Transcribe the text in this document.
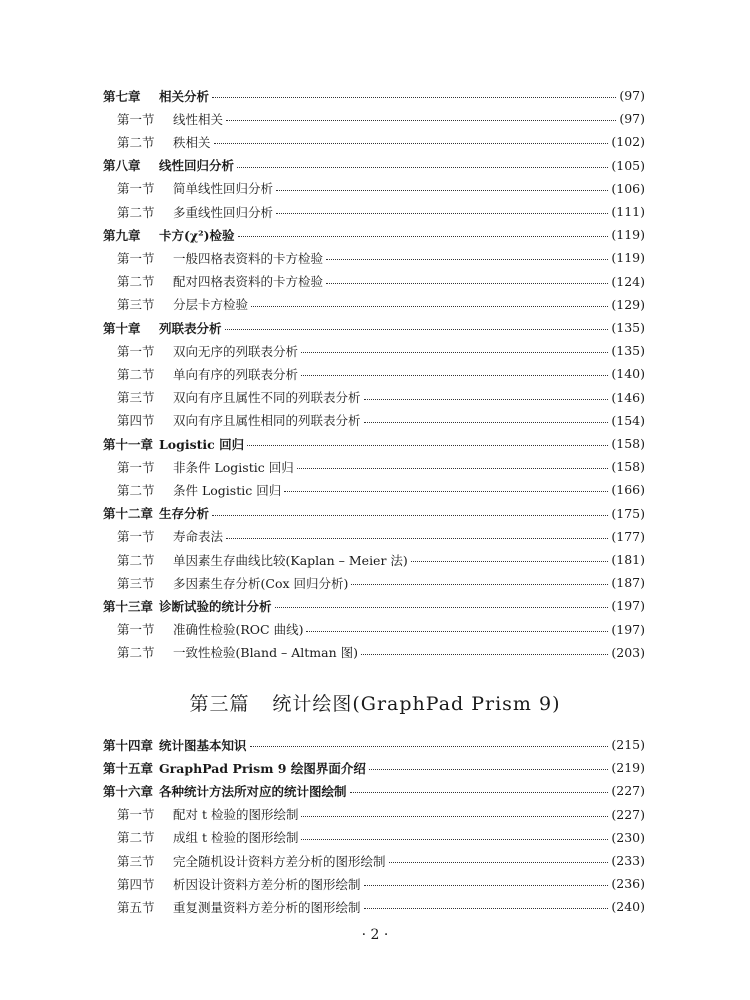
第七章 相关分析	(97)
第一节 线性相关	(97)
第二节 秩相关	(102)
第八章 线性回归分析	(105)
第一节 简单线性回归分析	(106)
第二节 多重线性回归分析	(111)
第九章 卡方(χ²)检验	(119)
第一节 一般四格表资料的卡方检验	(119)
第二节 配对四格表资料的卡方检验	(124)
第三节 分层卡方检验	(129)
第十章 列联表分析	(135)
第一节 双向无序的列联表分析	(135)
第二节 单向有序的列联表分析	(140)
第三节 双向有序且属性不同的列联表分析	(146)
第四节 双向有序且属性相同的列联表分析	(154)
第十一章 Logistic 回归	(158)
第一节 非条件 Logistic 回归	(158)
第二节 条件 Logistic 回归	(166)
第十二章 生存分析	(175)
第一节 寿命表法	(177)
第二节 单因素生存曲线比较(Kaplan – Meier 法)	(181)
第三节 多因素生存分析(Cox 回归分析)	(187)
第十三章 诊断试验的统计分析	(197)
第一节 准确性检验(ROC 曲线)	(197)
第二节 一致性检验(Bland – Altman 图)	(203)
第十四章 统计图基本知识	(215)
第十五章 GraphPad Prism 9 绘图界面介绍	(219)
第十六章 各种统计方法所对应的统计图绘制	(227)
第一节 配对 t 检验的图形绘制	(227)
第二节 成组 t 检验的图形绘制	(230)
第三节 完全随机设计资料方差分析的图形绘制	(233)
第四节 析因设计资料方差分析的图形绘制	(236)
第五节 重复测量资料方差分析的图形绘制	(240)
第三篇 统计绘图(GraphPad Prism 9)
· 2 ·
